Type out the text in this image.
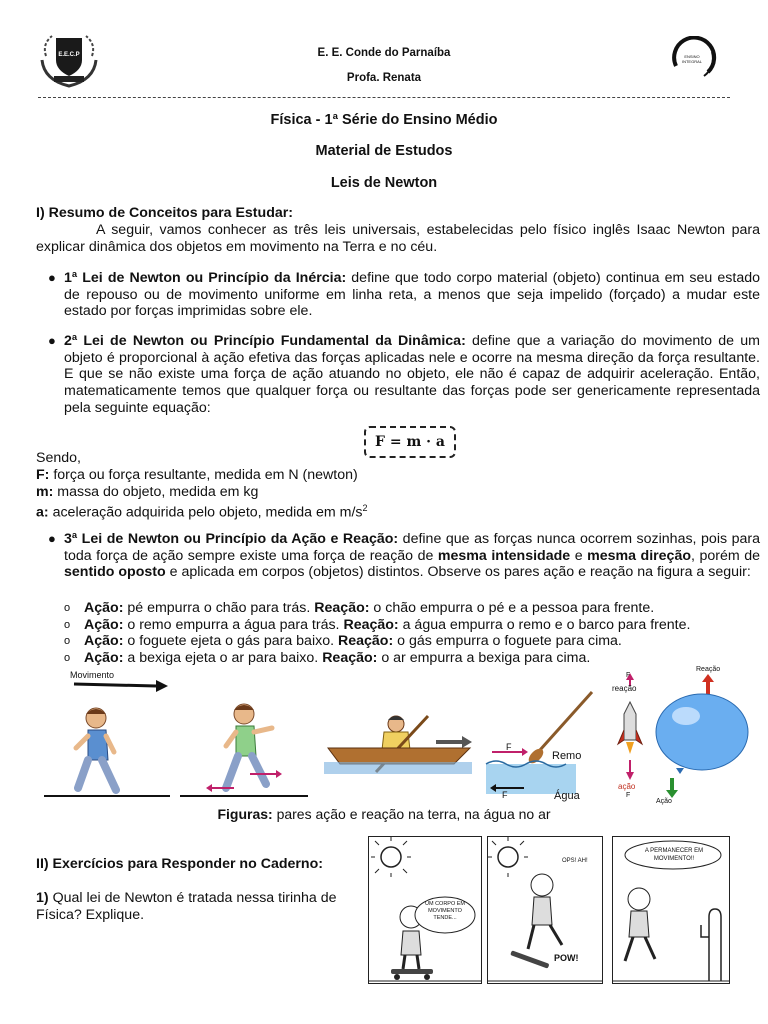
E.E.C.P	E. E. Conde do Parnaíba
Profa. Renata
ENSINO INTEGRAL
Física - 1ª Série do Ensino Médio
Material de Estudos
Leis de Newton
I) Resumo de Conceitos para Estudar:
A seguir, vamos conhecer as três leis universais, estabelecidas pelo físico inglês Isaac Newton para explicar dinâmica dos objetos em movimento na Terra e no céu.
● 1ª Lei de Newton ou Princípio da Inércia: define que todo corpo material (objeto) continua em seu estado de repouso ou de movimento uniforme em linha reta, a menos que seja impelido (forçado) a mudar este estado por forças imprimidas sobre ele.
● 2ª Lei de Newton ou Princípio Fundamental da Dinâmica: define que a variação do movimento de um objeto é proporcional à ação efetiva das forças aplicadas nele e ocorre na mesma direção da força resultante. E que se não existe uma força de ação atuando no objeto, ele não é capaz de adquirir aceleração. Então, matematicamente temos que qualquer força ou resultante das forças pode ser genericamente representada pela seguinte equação:
F = m · a
Sendo,
F: força ou força resultante, medida em N (newton)
m: massa do objeto, medida em kg
a: aceleração adquirida pelo objeto, medida em $m/s^2$
● 3ª Lei de Newton ou Princípio da Ação e Reação: define que as forças nunca ocorrem sozinhas, pois para toda força de ação sempre existe uma força de reação de mesma intensidade e mesma direção, porém de sentido oposto e aplicada em corpos (objetos) distintos. Observe os pares ação e reação na figura a seguir:
o Ação: pé empurra o chão para trás. Reação: o chão empurra o pé e a pessoa para frente.
o Ação: o remo empurra a água para trás. Reação: a água empurra o remo e o barco para frente.
o Ação: o foguete ejeta o gás para baixo. Reação: o gás empurra o foguete para cima.
o Ação: a bexiga ejeta o ar para baixo. Reação: o ar empurra a bexiga para cima.
Movimento
F
Remo
F	Água
F
reação
ação
F
Reação
Ação
Figuras: pares ação e reação na terra, na água no ar
II) Exercícios para Responder no Caderno:
1) Qual lei de Newton é tratada nessa tirinha de Física? Explique.
UM CORPO EM MOVIMENTO TENDE...
OPS! AH!
POW!
A PERMANECER EM MOVIMENTO!!
